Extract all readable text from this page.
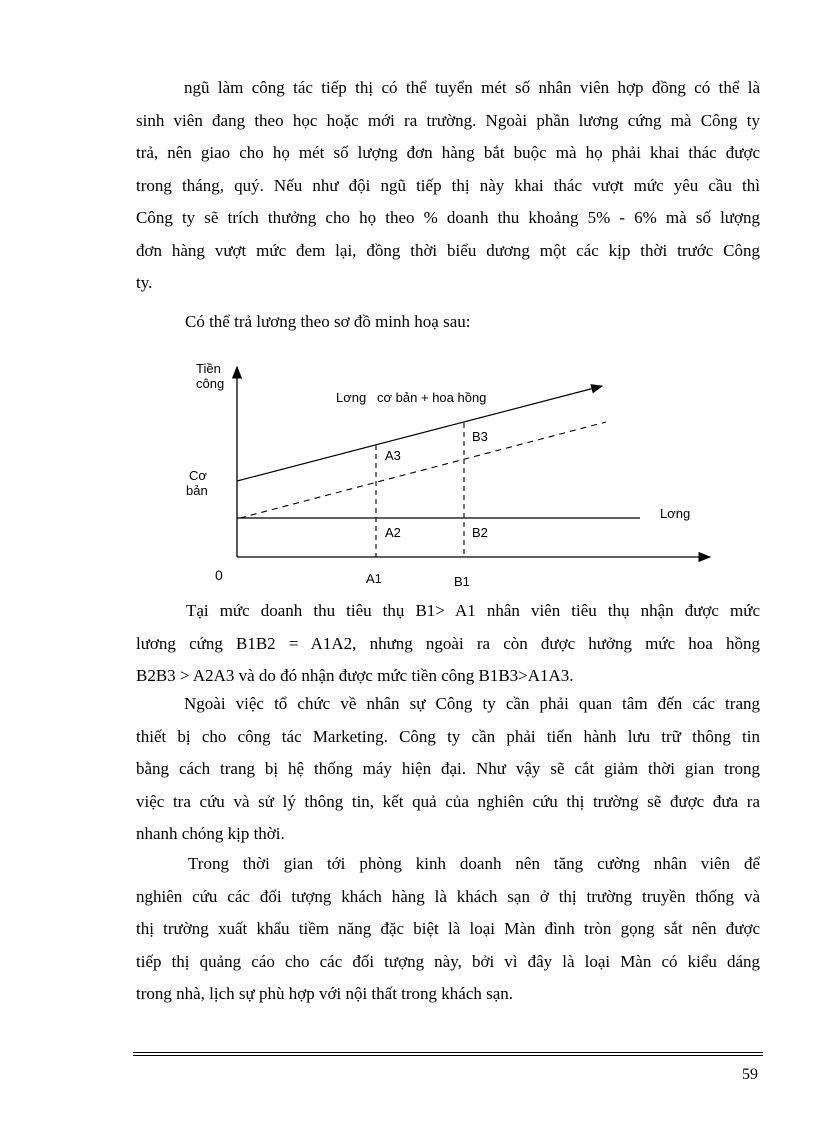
ngũ làm công tác tiếp thị có thể tuyển mét số nhân viên hợp đồng có thể là
sinh viên đang theo học hoặc mới ra trường. Ngoài phần lương cứng mà Công ty
trả, nên giao cho họ mét số lượng đơn hàng bắt buộc mà họ phải khai thác được
trong tháng, quý. Nếu như đội ngũ tiếp thị này khai thác vượt mức yêu cầu thì
Công ty sẽ trích thưởng cho họ theo % doanh thu khoảng 5% - 6% mà số lượng
đơn hàng vượt mức đem lại, đồng thời biểu dương một các kịp thời trước Công
ty.

Có thể trả lương theo sơ đồ minh hoạ sau:

Tiền
công
Cơ
bản
Lơng   cơ bản + hoa hồng
Lơng
0	A1	B1
A3
B3
A2	B2
Tại mức doanh thu tiêu thụ B1> A1 nhân viên tiêu thụ nhận được mức
lương cứng B1B2 = A1A2, nhưng ngoài ra còn được hưởng mức hoa hồng
B2B3 > A2A3 và do đó nhận được mức tiền công B1B3>A1A3.
Ngoài việc tổ chức về nhân sự Công ty cần phải quan tâm đến các trang
thiết bị cho công tác Marketing. Công ty cần phải tiến hành lưu trữ thông tin
bằng cách trang bị hệ thống máy hiện đại. Như vậy sẽ cắt giảm thời gian trong
việc tra cứu và sử lý thông tin, kết quả của nghiên cứu thị trường sẽ được đưa ra
nhanh chóng kịp thời.
Trong thời gian tới phòng kinh doanh nên tăng cường nhân viên để
nghiên cứu các đối tượng khách hàng là khách sạn ở thị trường truyền thống và
thị trường xuất khẩu tiềm năng đặc biệt là loại Màn đình tròn gọng sắt nên được
tiếp thị quảng cáo cho các đối tượng này, bởi vì đây là loại Màn có kiểu dáng
trong nhà, lịch sự phù hợp với nội thất trong khách sạn.
59
